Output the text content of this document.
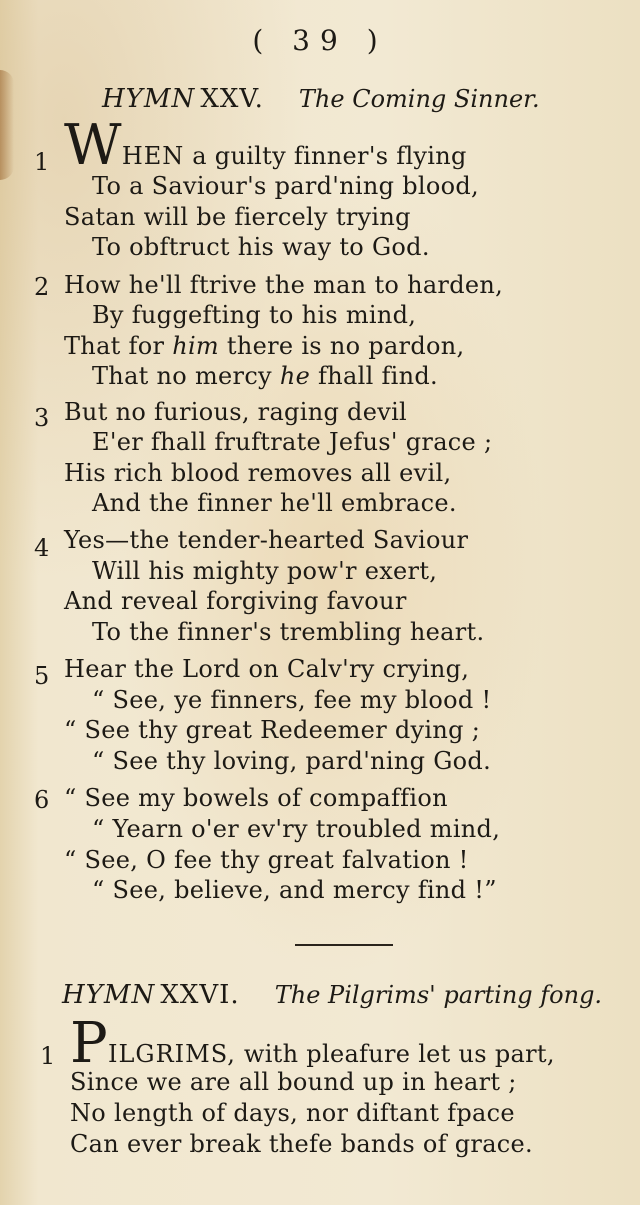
( 39 )
HYMN XXV. The Coming Sinner.
1 WHEN a guilty finner's flying
To a Saviour's pard'ning blood,
Satan will be fiercely trying
To obftruct his way to God.
2 How he'll ftrive the man to harden,
By fuggefting to his mind,
That for him there is no pardon,
That no mercy he fhall find.
3 But no furious, raging devil
E'er fhall fruftrate Jefus' grace ;
His rich blood removes all evil,
And the finner he'll embrace.
4 Yes—the tender-hearted Saviour
Will his mighty pow'r exert,
And reveal forgiving favour
To the finner's trembling heart.
5 Hear the Lord on Calv'ry crying,
“ See, ye finners, fee my blood !
“ See thy great Redeemer dying ;
“ See thy loving, pard'ning God.
6 “ See my bowels of compaffion
“ Yearn o'er ev'ry troubled mind,
“ See, O fee thy great falvation !
“ See, believe, and mercy find !”
HYMN XXVI. The Pilgrims' parting fong.
1 PILGRIMS, with pleafure let us part,
Since we are all bound up in heart ;
No length of days, nor diftant fpace
Can ever break thefe bands of grace.
